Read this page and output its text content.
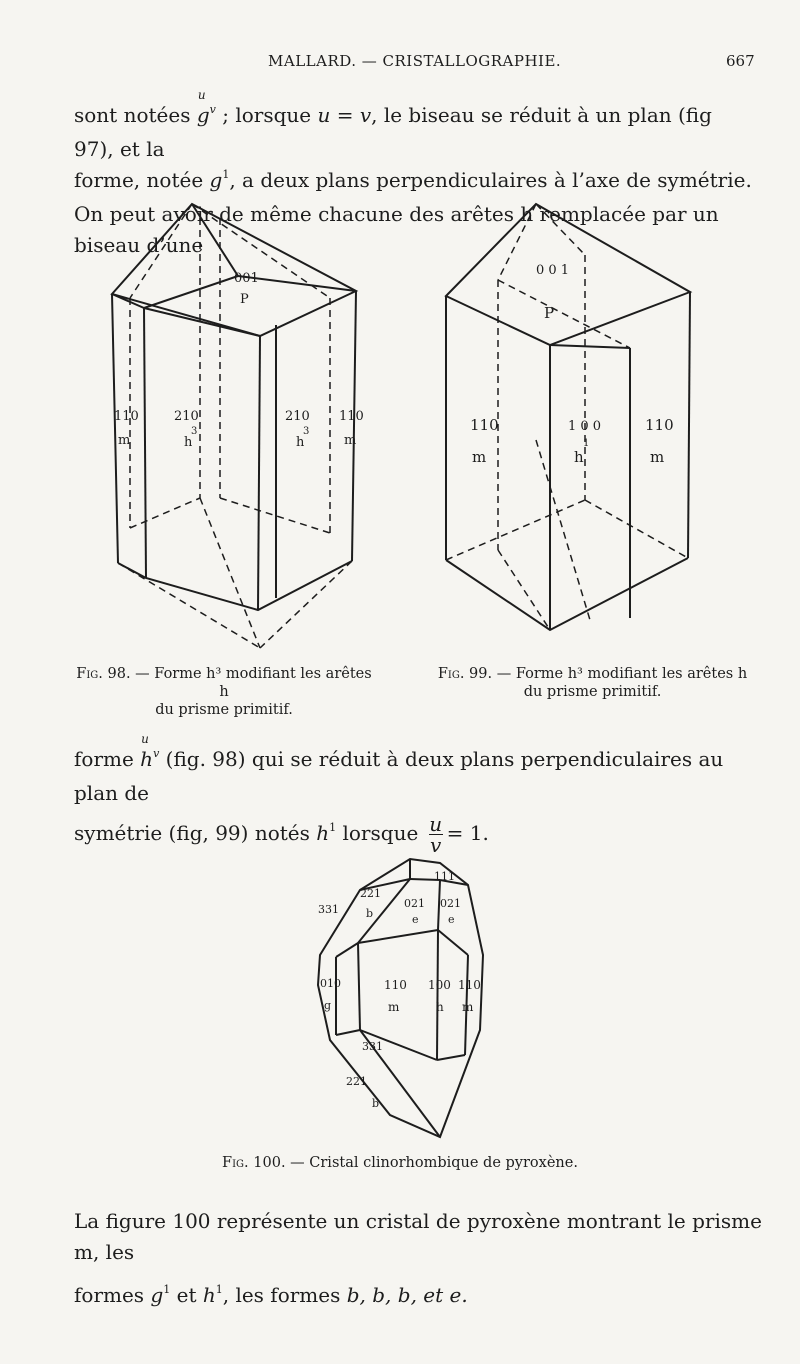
MALLARD. — CRISTALLOGRAPHIE.	667
sont notées g
u
$^v$ ; lorsque u = v, le biseau se réduit à un plan (fig 97), et la
forme, notée $g^1$, a deux plans perpendiculaires à l’axe de symétrie.
On peut avoir de même chacune des arêtes h remplacée par un biseau d’une
001
P
110
m
210	210
h	h
3	3
110
m
0 0 1
P
110
m
1 0 0
h
1
110
m
Fig. 98. — Forme h³ modifiant les arêtes h
du prisme primitif.
Fig. 99. — Forme h³ modifiant les arêtes h
du prisme primitif.
forme h
u
$^v$ (fig. 98) qui se réduit à deux plans perpendiculaires au plan de
symétrie (fig, 99) notés $h^1$ lorsque $\frac{u}{v} = 1$.
221
331	021 021
111
b	e	e
010
g
110
m
100
h
110
m
331
221
b
Fig. 100. — Cristal clinorhombique de pyroxène.
La figure 100 représente un cristal de pyroxène montrant le prisme m, les
formes $g^1$ et $h^1$, les formes b, b, b, et e.
